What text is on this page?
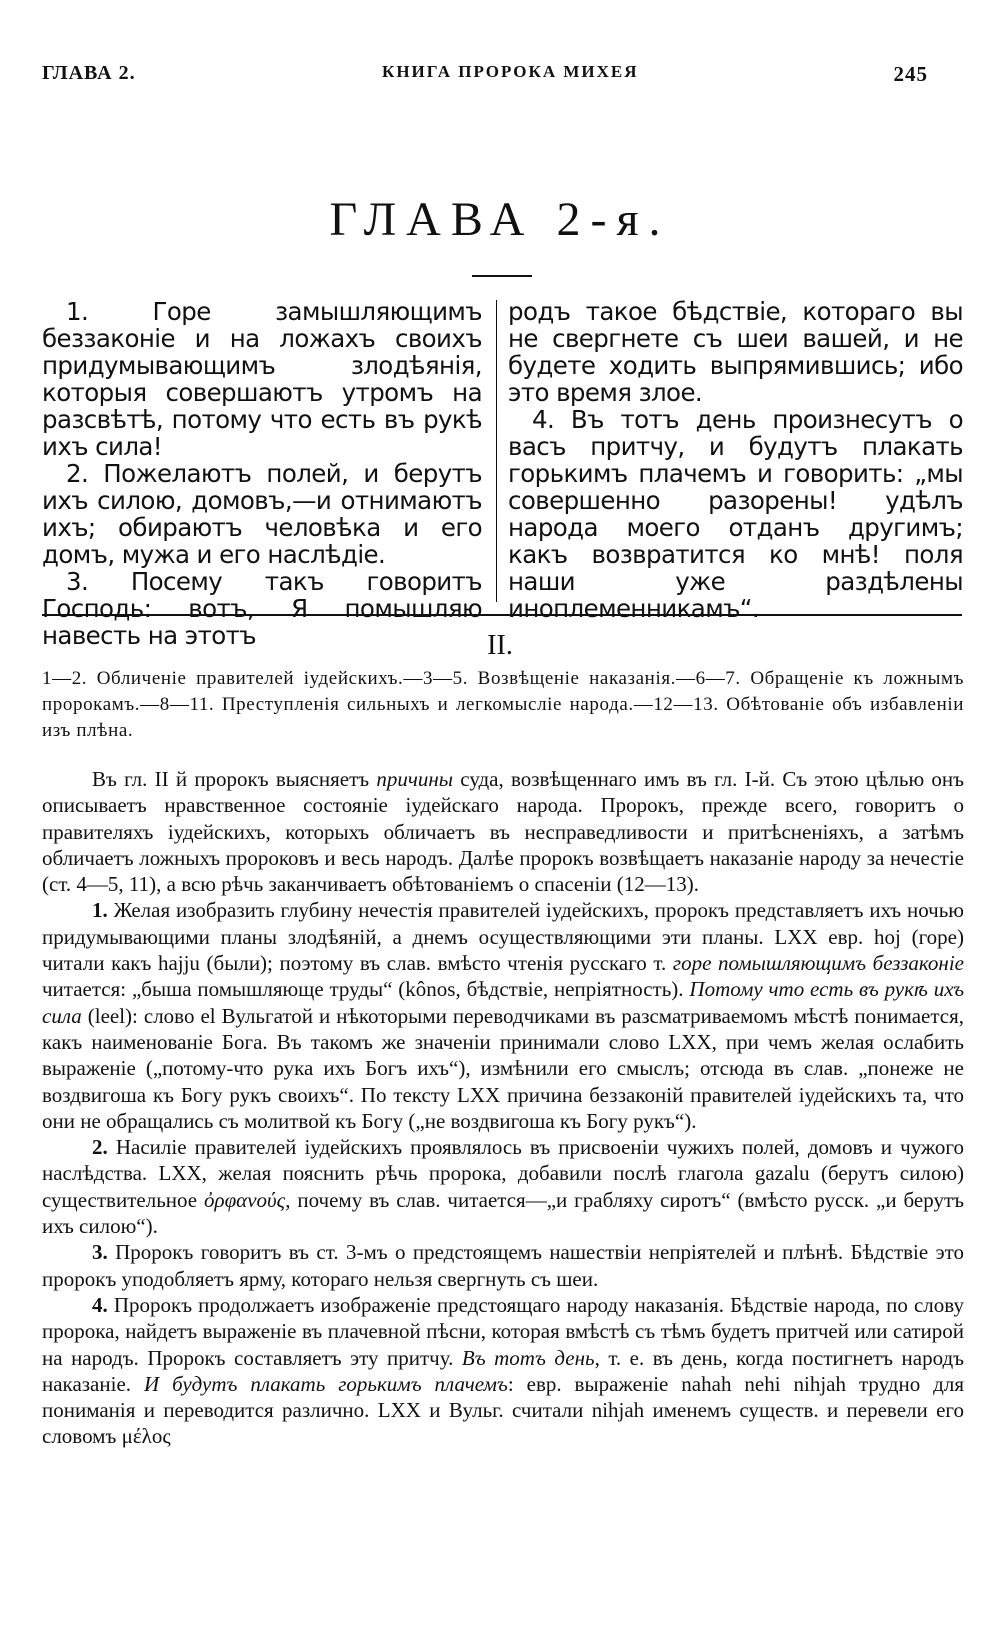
ГЛАВА 2.	КНИГА ПРОРОКА МИХЕЯ	245
ГЛАВА 2-я.

1. Горе замышляющимъ беззаконіе и на ложахъ своихъ придумывающимъ злодѣянія, которыя совершаютъ утромъ на разсвѣтѣ, потому что есть въ рукѣ ихъ сила!

2. Пожелаютъ полей, и берутъ ихъ силою, домовъ,—и отнимаютъ ихъ; обираютъ человѣка и его домъ, мужа и его наслѣдіе.

3. Посему такъ говоритъ Господь: вотъ, Я помышляю навесть на этотъ

родъ такое бѣдствіе, котораго вы не свергнете съ шеи вашей, и не будете ходить выпрямившись; ибо это время злое.

4. Въ тотъ день произнесутъ о васъ притчу, и будутъ плакать горькимъ плачемъ и говорить: „мы совершенно разорены! удѣлъ народа моего отданъ другимъ; какъ возвратится ко мнѣ! поля наши уже раздѣлены иноплеменникамъ“.

II.

1—2. Обличеніе правителей іудейскихъ.—3—5. Возвѣщеніе наказанія.—6—7. Обращеніе къ ложнымъ пророкамъ.—8—11. Преступленія сильныхъ и легкомысліе народа.—12—13. Обѣтованіе объ избавленіи изъ плѣна.

Въ гл. II й пророкъ выясняетъ причины суда, возвѣщеннаго имъ въ гл. І-й. Съ этою цѣлью онъ описываетъ нравственное состояніе іудейскаго народа. Пророкъ, прежде всего, говоритъ о правителяхъ іудейскихъ, которыхъ обличаетъ въ несправедливости и притѣсненіяхъ, а затѣмъ обличаетъ ложныхъ пророковъ и весь народъ. Далѣе пророкъ возвѣщаетъ наказаніе народу за нечестіе (ст. 4—5, 11), а всю рѣчь заканчиваетъ обѣтованіемъ о спасеніи (12—13).

1. Желая изобразить глубину нечестія правителей іудейскихъ, пророкъ представляетъ ихъ ночью придумывающими планы злодѣяній, а днемъ осуществляющими эти планы. LXX евр. hoj (горе) читали какъ hajju (были); поэтому въ слав. вмѣсто чтенія русскаго т. горе помышляющимъ беззаконіе читается: „быша помышляюще труды“ (kônos, бѣдствіе, непріятность). Потому что есть въ рукѣ ихъ сила (leel): слово el Вульгатой и нѣкоторыми переводчиками въ разсматриваемомъ мѣстѣ понимается, какъ наименованіе Бога. Въ такомъ же значеніи принимали слово LXX, при чемъ желая ослабить выраженіе („потому-что рука ихъ Богъ ихъ“), измѣнили его смыслъ; отсюда въ слав. „понеже не воздвигоша къ Богу рукъ своихъ“. По тексту LXX причина беззаконій правителей іудейскихъ та, что они не обращались съ молитвой къ Богу („не воздвигоша къ Богу рукъ“).

2. Насиліе правителей іудейскихъ проявлялось въ присвоеніи чужихъ полей, домовъ и чужого наслѣдства. LXX, желая пояснить рѣчь пророка, добавили послѣ глагола gazalu (берутъ силою) существительное ὀρφανούς, почему въ слав. читается—„и грабляху сиротъ“ (вмѣсто русск. „и берутъ ихъ силою“).

3. Пророкъ говоритъ въ ст. 3-мъ о предстоящемъ нашествіи непріятелей и плѣнѣ. Бѣдствіе это пророкъ уподобляетъ ярму, котораго нельзя свергнуть съ шеи.

4. Пророкъ продолжаетъ изображеніе предстоящаго народу наказанія. Бѣдствіе народа, по слову пророка, найдетъ выраженіе въ плачевной пѣсни, которая вмѣстѣ съ тѣмъ будетъ притчей или сатирой на народъ. Пророкъ составляетъ эту притчу. Въ тотъ день, т. е. въ день, когда постигнетъ народъ наказаніе. И будутъ плакать горькимъ плачемъ: евр. выраженіе nahah nehi nihjah трудно для пониманія и переводится различно. LXX и Вульг. считали nihjah именемъ существ. и перевели его словомъ μέλος
